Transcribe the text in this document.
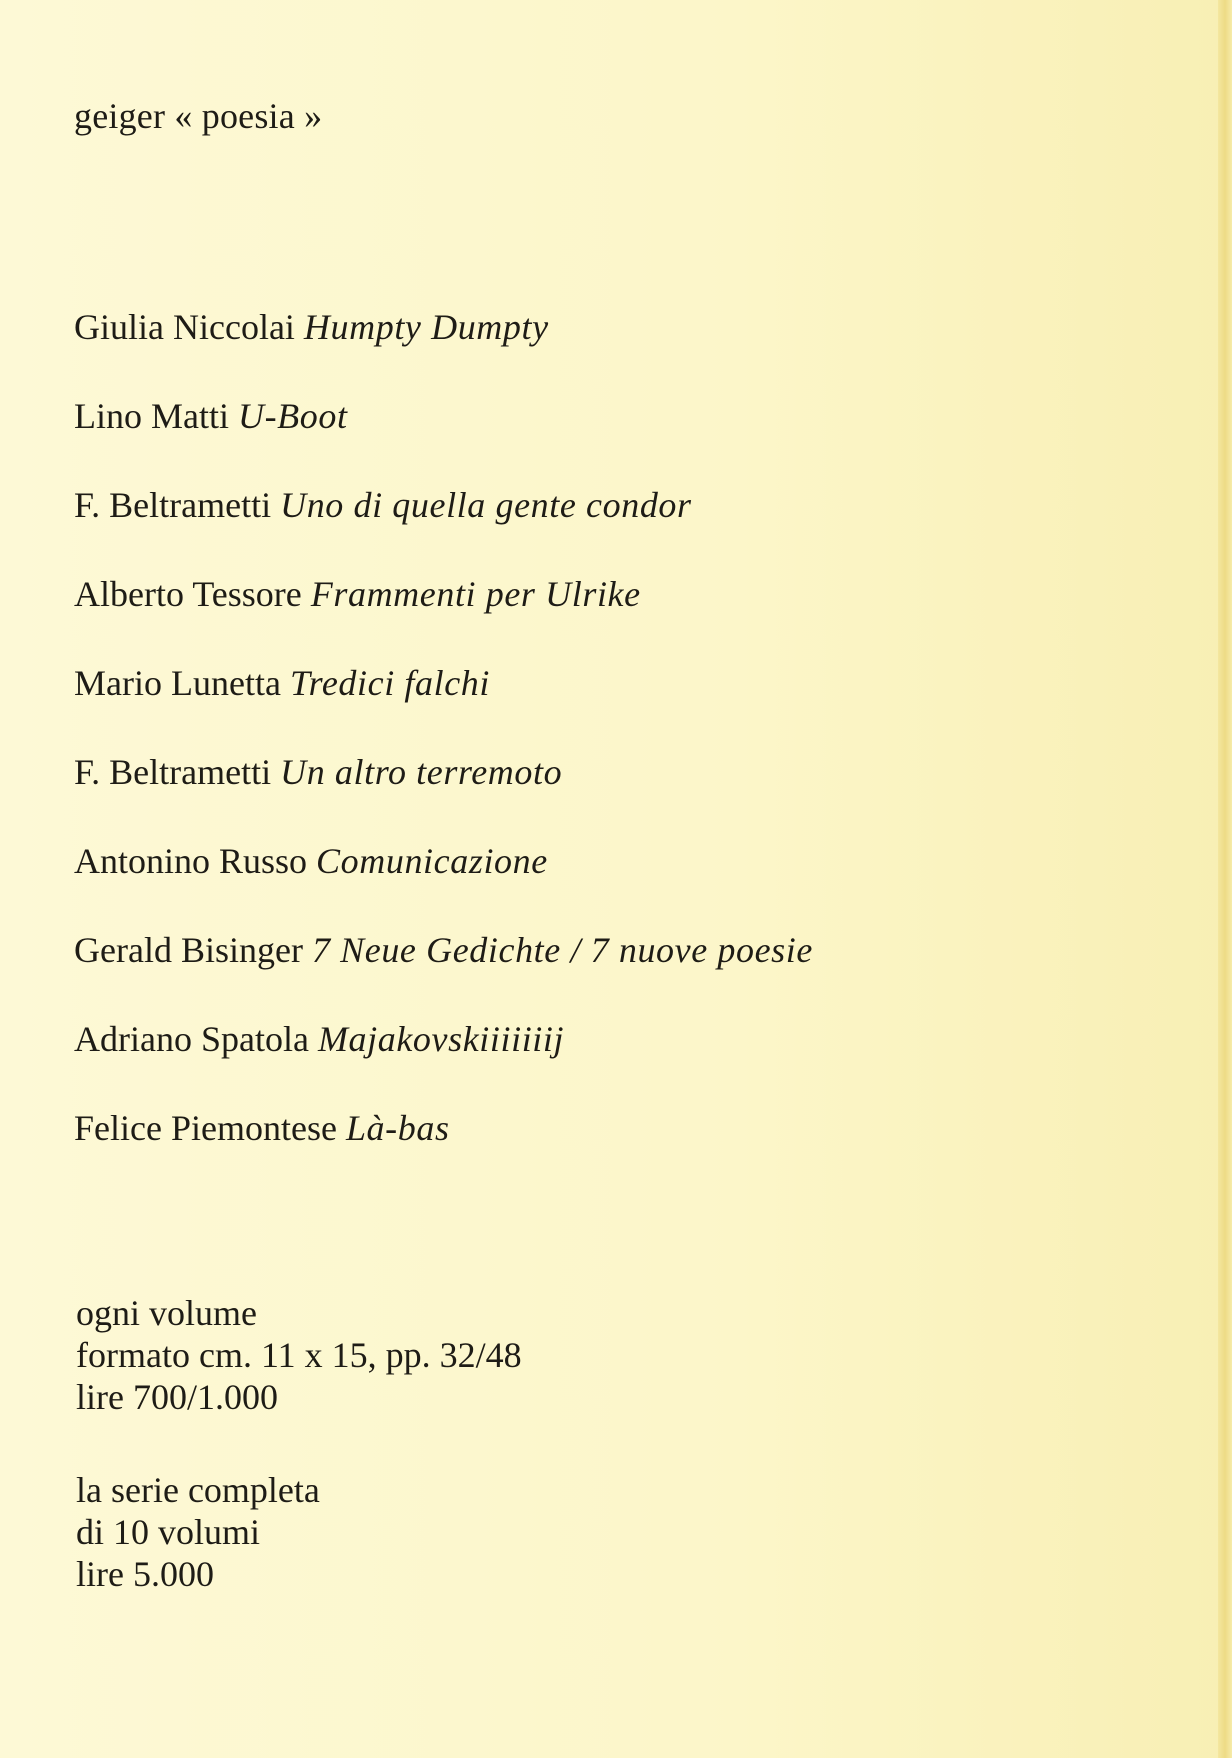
geiger « poesia »
Giulia Niccolai Humpty Dumpty
Lino Matti U-Boot
F. Beltrametti Uno di quella gente condor
Alberto Tessore Frammenti per Ulrike
Mario Lunetta Tredici falchi
F. Beltrametti Un altro terremoto
Antonino Russo Comunicazione
Gerald Bisinger 7 Neue Gedichte / 7 nuove poesie
Adriano Spatola Majakovskiiiiiiij
Felice Piemontese Là-bas
ogni volume
formato cm. 11 x 15, pp. 32/48
lire 700/1.000
la serie completa
di 10 volumi
lire 5.000
